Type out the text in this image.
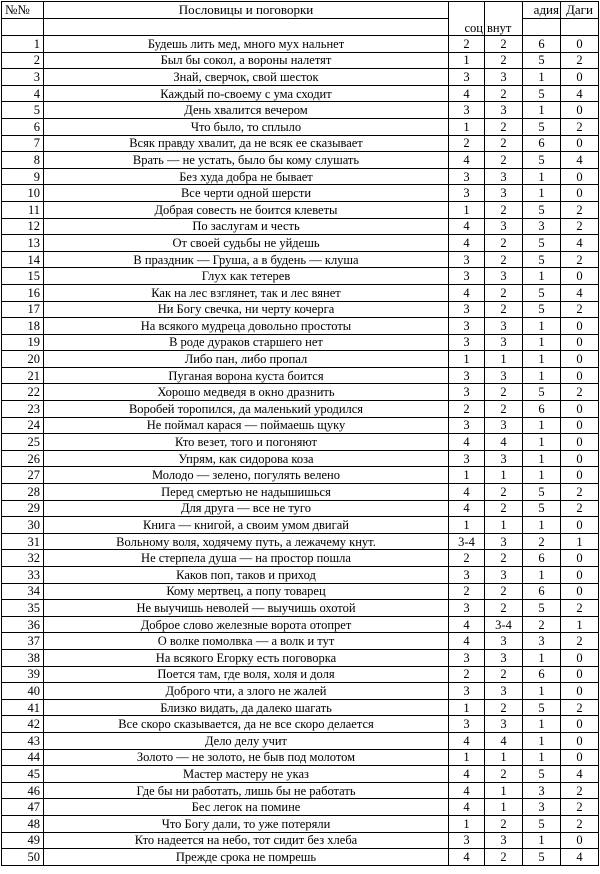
№№	Пословицы и поговорки			адия	Даги
		соц	внут		
1	Будешь лить мед, много мух нальнет	2	2	6	0
2	Был бы сокол, а вороны налетят	1	2	5	2
3	Знай, сверчок, свой шесток	3	3	1	0
4	Каждый по-своему с ума сходит	4	2	5	4
5	День хвалится вечером	3	3	1	0
6	Что было, то сплыло	1	2	5	2
7	Всяк правду хвалит, да не всяк ее сказывает	2	2	6	0
8	Врать — не устать, было бы кому слушать	4	2	5	4
9	Без худа добра не бывает	3	3	1	0
10	Все черти одной шерсти	3	3	1	0
11	Добрая совесть не боится клеветы	1	2	5	2
12	По заслугам и честь	4	3	3	2
13	От своей судьбы не уйдешь	4	2	5	4
14	В праздник — Груша, а в будень — клуша	3	2	5	2
15	Глух как тетерев	3	3	1	0
16	Как на лес взглянет, так и лес вянет	4	2	5	4
17	Ни Богу свечка, ни черту кочерга	3	2	5	2
18	На всякого мудреца довольно простоты	3	3	1	0
19	В роде дураков старшего нет	3	3	1	0
20	Либо пан, либо пропал	1	1	1	0
21	Пуганая ворона куста боится	3	3	1	0
22	Хорошо медведя в окно дразнить	3	2	5	2
23	Воробей торопился, да маленький уродился	2	2	6	0
24	Не поймал карася — поймаешь щуку	3	3	1	0
25	Кто везет, того и погоняют	4	4	1	0
26	Упрям, как сидорова коза	3	3	1	0
27	Молодо — зелено, погулять велено	1	1	1	0
28	Перед смертью не надышишься	4	2	5	2
29	Для друга — все не туго	4	2	5	2
30	Книга — книгой, а своим умом двигай	1	1	1	0
31	Вольному воля, ходячему путь, а лежачему кнут.	3-4	3	2	1
32	Не стерпела душа — на простор пошла	2	2	6	0
33	Каков поп, таков и приход	3	3	1	0
34	Кому мертвец, а попу товарец	2	2	6	0
35	Не выучишь неволей — выучишь охотой	3	2	5	2
36	Доброе слово железные ворота отопрет	4	3-4	2	1
37	О волке помолвка — а волк и тут	4	3	3	2
38	На всякого Егорку есть поговорка	3	3	1	0
39	Поется там, где воля, холя и доля	2	2	6	0
40	Доброго чти, а злого не жалей	3	3	1	0
41	Близко видать, да далеко шагать	1	2	5	2
42	Все скоро сказывается, да не все скоро делается	3	3	1	0
43	Дело делу учит	4	4	1	0
44	Золото — не золото, не быв под молотом	1	1	1	0
45	Мастер мастеру не указ	4	2	5	4
46	Где бы ни работать, лишь бы не работать	4	1	3	2
47	Бес легок на помине	4	1	3	2
48	Что Богу дали, то уже потеряли	1	2	5	2
49	Кто надеется на небо, тот сидит без хлеба	3	3	1	0
50	Прежде срока не помрешь	4	2	5	4
